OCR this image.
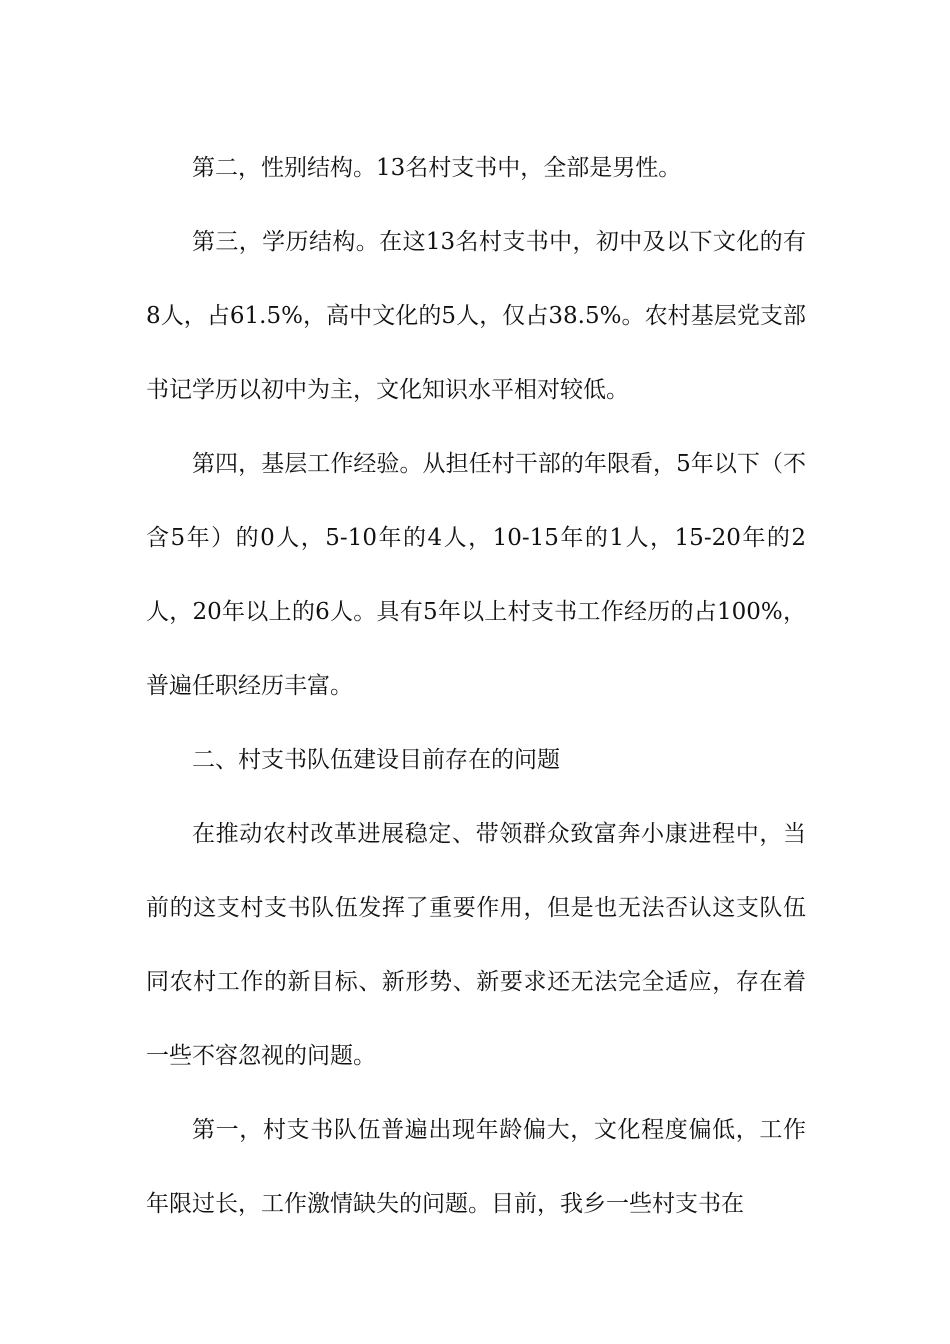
第二，性别结构。13名村支书中，全部是男性。

第三，学历结构。在这13名村支书中，初中及以下文化的有8人，占61.5%，高中文化的5人，仅占38.5%。农村基层党支部书记学历以初中为主，文化知识水平相对较低。

第四，基层工作经验。从担任村干部的年限看，5年以下（不含5年）的0人，5-10年的4人，10-15年的1人，15-20年的2人，20年以上的6人。具有5年以上村支书工作经历的占100%，普遍任职经历丰富。

二、村支书队伍建设目前存在的问题

在推动农村改革进展稳定、带领群众致富奔小康进程中，当前的这支村支书队伍发挥了重要作用，但是也无法否认这支队伍同农村工作的新目标、新形势、新要求还无法完全适应，存在着一些不容忽视的问题。

第一，村支书队伍普遍出现年龄偏大，文化程度偏低，工作年限过长，工作激情缺失的问题。目前，我乡一些村支书在
